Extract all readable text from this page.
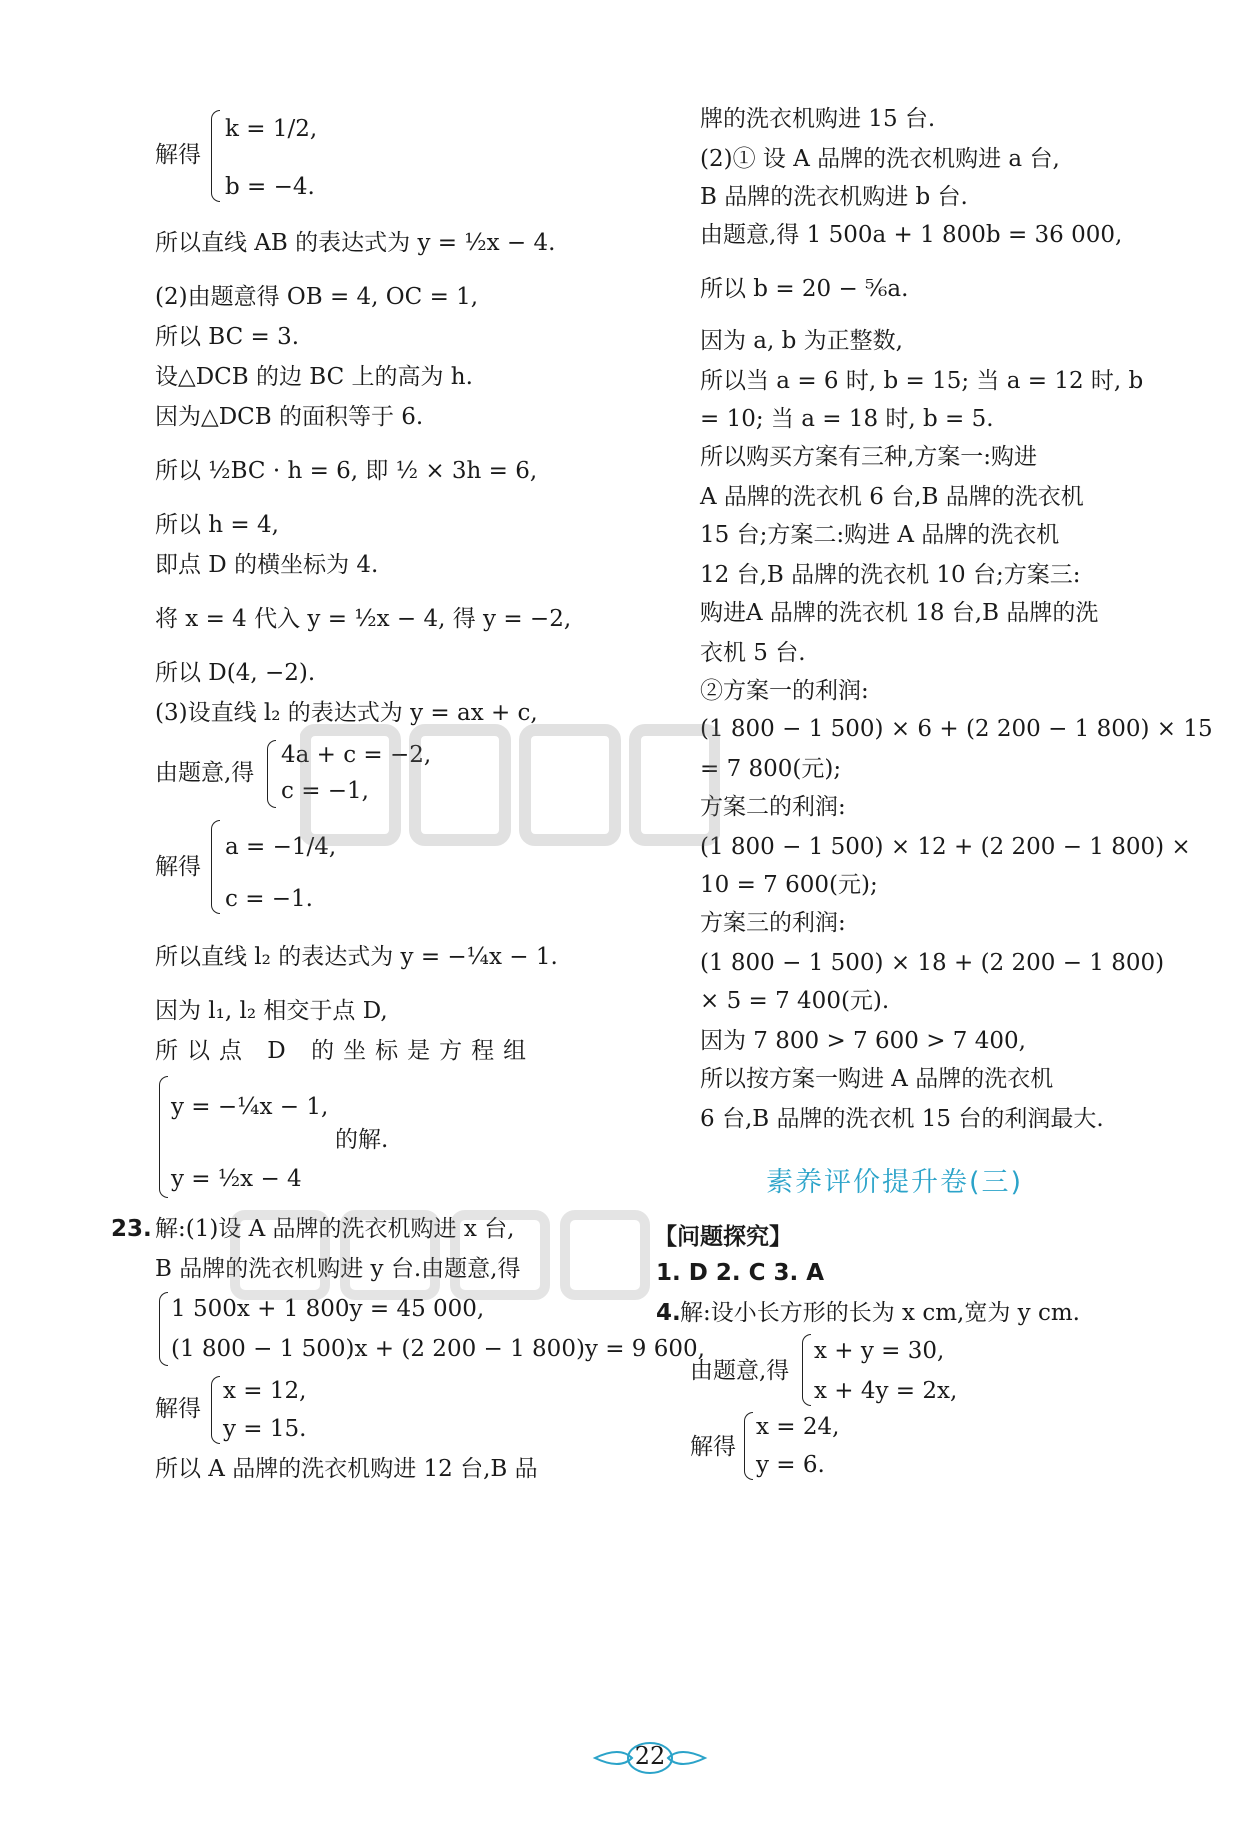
解得
k = 1/2,
b = −4.
所以直线 AB 的表达式为 y = ½x − 4.
(2)由题意得 OB = 4, OC = 1,
所以 BC = 3.
设△DCB 的边 BC 上的高为 h.
因为△DCB 的面积等于 6.
所以 ½BC · h = 6, 即 ½ × 3h = 6,
所以 h = 4,
即点 D 的横坐标为 4.
将 x = 4 代入 y = ½x − 4, 得 y = −2,
所以 D(4, −2).
(3)设直线 l₂ 的表达式为 y = ax + c,
由题意,得
4a + c = −2,
c = −1,
解得
a = −1/4,
c = −1.
所以直线 l₂ 的表达式为 y = −¼x − 1.
因为 l₁, l₂ 相交于点 D,
所以点 D 的坐标是方程组
y = −¼x − 1,
y = ½x − 4
的解.
23. 解:(1)设 A 品牌的洗衣机购进 x 台,
B 品牌的洗衣机购进 y 台.由题意,得
1 500x + 1 800y = 45 000,
(1 800 − 1 500)x + (2 200 − 1 800)y = 9 600,
解得
x = 12,
y = 15.
所以 A 品牌的洗衣机购进 12 台,B 品
牌的洗衣机购进 15 台.
(2)① 设 A 品牌的洗衣机购进 a 台,
B 品牌的洗衣机购进 b 台.
由题意,得 1 500a + 1 800b = 36 000,
所以 b = 20 − ⁵⁄₆a.
因为 a, b 为正整数,
所以当 a = 6 时, b = 15; 当 a = 12 时, b
= 10; 当 a = 18 时, b = 5.
所以购买方案有三种,方案一:购进
A 品牌的洗衣机 6 台,B 品牌的洗衣机
15 台;方案二:购进 A 品牌的洗衣机
12 台,B 品牌的洗衣机 10 台;方案三:
购进A 品牌的洗衣机 18 台,B 品牌的洗
衣机 5 台.
②方案一的利润:
(1 800 − 1 500) × 6 + (2 200 − 1 800) × 15
= 7 800(元);
方案二的利润:
(1 800 − 1 500) × 12 + (2 200 − 1 800) ×
10 = 7 600(元);
方案三的利润:
(1 800 − 1 500) × 18 + (2 200 − 1 800)
× 5 = 7 400(元).
因为 7 800 > 7 600 > 7 400,
所以按方案一购进 A 品牌的洗衣机
6 台,B 品牌的洗衣机 15 台的利润最大.
素养评价提升卷(三)
【问题探究】
1. D 2. C 3. A
4. 解:设小长方形的长为 x cm,宽为 y cm.
由题意,得
x + y = 30,
x + 4y = 2x,
解得
x = 24,
y = 6.
22
